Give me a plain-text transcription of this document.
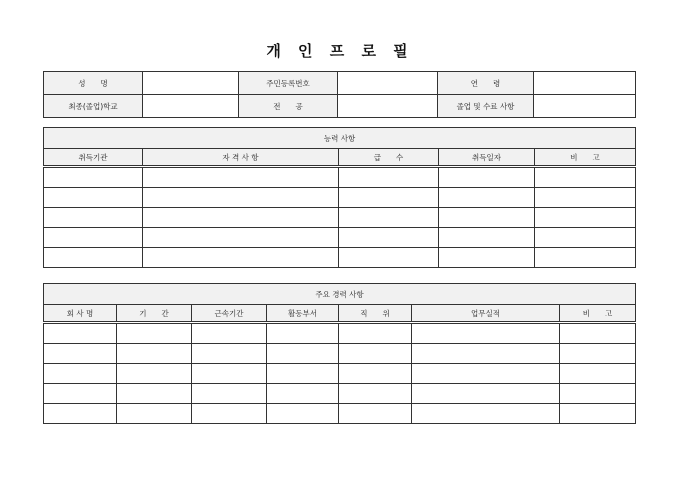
개 인 프 로 필
성　　명		주민등록번호		연　　령	
최종(졸업)학교		전　　공		졸업 및 수료 사항	
능력 사항				
취득기관	자 격 사 항	급　　수	취득일자	비　　고

주요 경력 사항						
회 사 명	기　　간	근속기간	활동부서	직　　위	업무실적	비　　고
